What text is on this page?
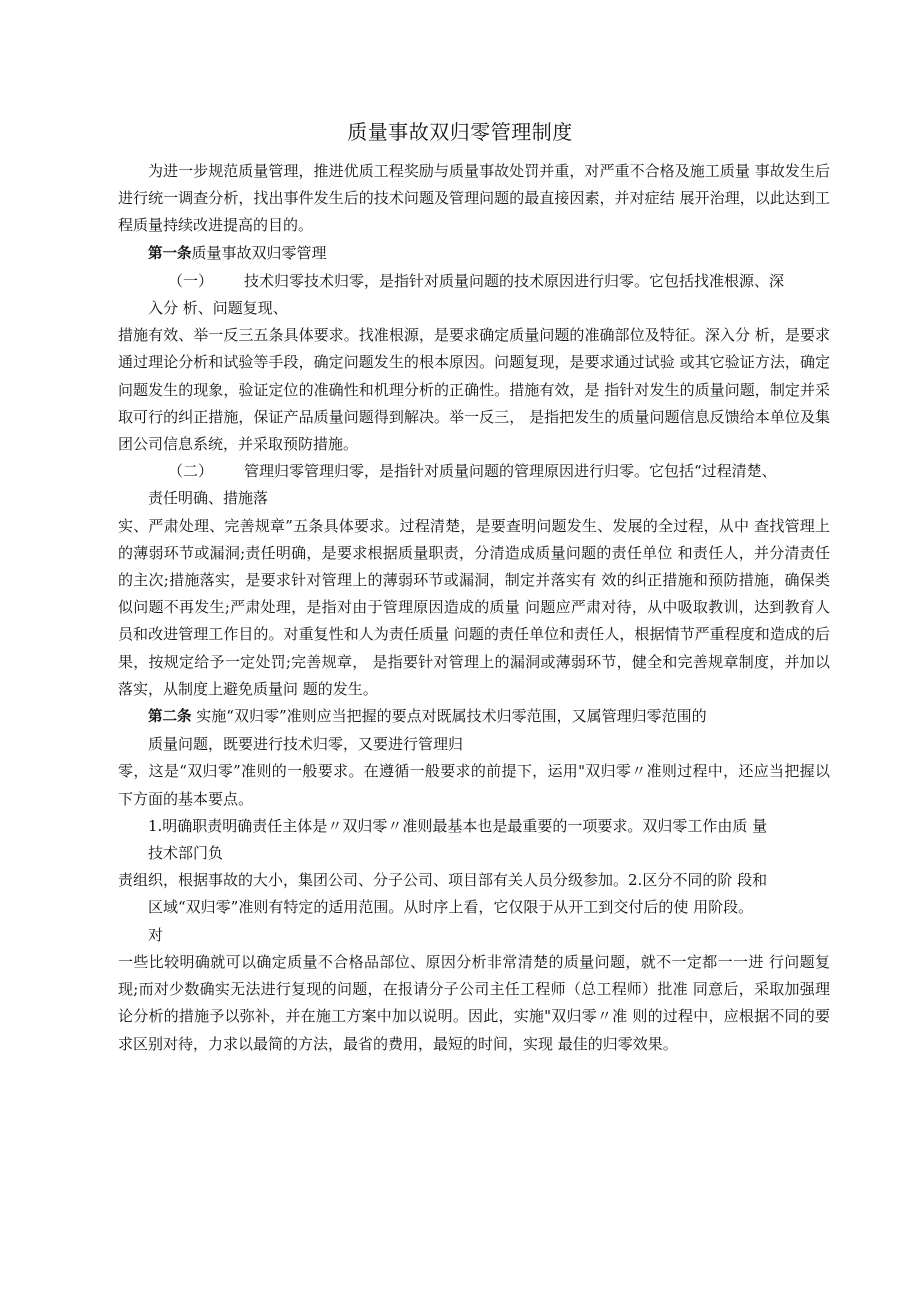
质量事故双归零管理制度

为进一步规范质量管理，推进优质工程奖励与质量事故处罚并重，对严重不合格及施工质量 事故发生后进行统一调查分析，找出事件发生后的技术问题及管理问题的最直接因素，并对症结 展开治理，以此达到工程质量持续改进提高的目的。

第一条质量事故双归零管理

（一） 技术归零技术归零，是指针对质量问题的技术原因进行归零。它包括找准根源、深
入分 析、问题复现、

措施有效、举一反三五条具体要求。找准根源，是要求确定质量问题的准确部位及特征。深入分 析，是要求通过理论分析和试验等手段，确定问题发生的根本原因。问题复现，是要求通过试验 或其它验证方法，确定问题发生的现象，验证定位的准确性和机理分析的正确性。措施有效，是 指针对发生的质量问题，制定并采取可行的纠正措施，保证产品质量问题得到解决。举一反三， 是指把发生的质量问题信息反馈给本单位及集团公司信息系统，并采取预防措施。

（二） 管理归零管理归零，是指针对质量问题的管理原因进行归零。它包括“过程清楚、
责任明确、措施落

实、严肃处理、完善规章”五条具体要求。过程清楚，是要查明问题发生、发展的全过程，从中 查找管理上的薄弱环节或漏洞;责任明确，是要求根据质量职责，分清造成质量问题的责任单位 和责任人，并分清责任的主次;措施落实，是要求针对管理上的薄弱环节或漏洞，制定并落实有 效的纠正措施和预防措施，确保类似问题不再发生;严肃处理，是指对由于管理原因造成的质量 问题应严肃对待，从中吸取教训，达到教育人员和改进管理工作目的。对重复性和人为责任质量 问题的责任单位和责任人，根据情节严重程度和造成的后果，按规定给予一定处罚;完善规章， 是指要针对管理上的漏洞或薄弱环节，健全和完善规章制度，并加以落实，从制度上避免质量问 题的发生。

第二条 实施“双归零”准则应当把握的要点对既属技术归零范围，又属管理归零范围的

质量问题，既要进行技术归零，又要进行管理归

零，这是“双归零”准则的一般要求。在遵循一般要求的前提下，运用"双归零〃准则过程中，还应当把握以下方面的基本要点。

1.明确职责明确责任主体是〃双归零〃准则最基本也是最重要的一项要求。双归零工作由质 量
技术部门负

责组织，根据事故的大小，集团公司、分子公司、项目部有关人员分级参加。2.区分不同的阶 段和

区域“双归零”准则有特定的适用范围。从时序上看，它仅限于从开工到交付后的使 用阶段。
对

一些比较明确就可以确定质量不合格品部位、原因分析非常清楚的质量问题，就不一定都一一进 行问题复现;而对少数确实无法进行复现的问题，在报请分子公司主任工程师（总工程师）批准 同意后，采取加强理论分析的措施予以弥补，并在施工方案中加以说明。因此，实施"双归零〃准 则的过程中，应根据不同的要求区别对待，力求以最简的方法，最省的费用，最短的时间，实现 最佳的归零效果。
